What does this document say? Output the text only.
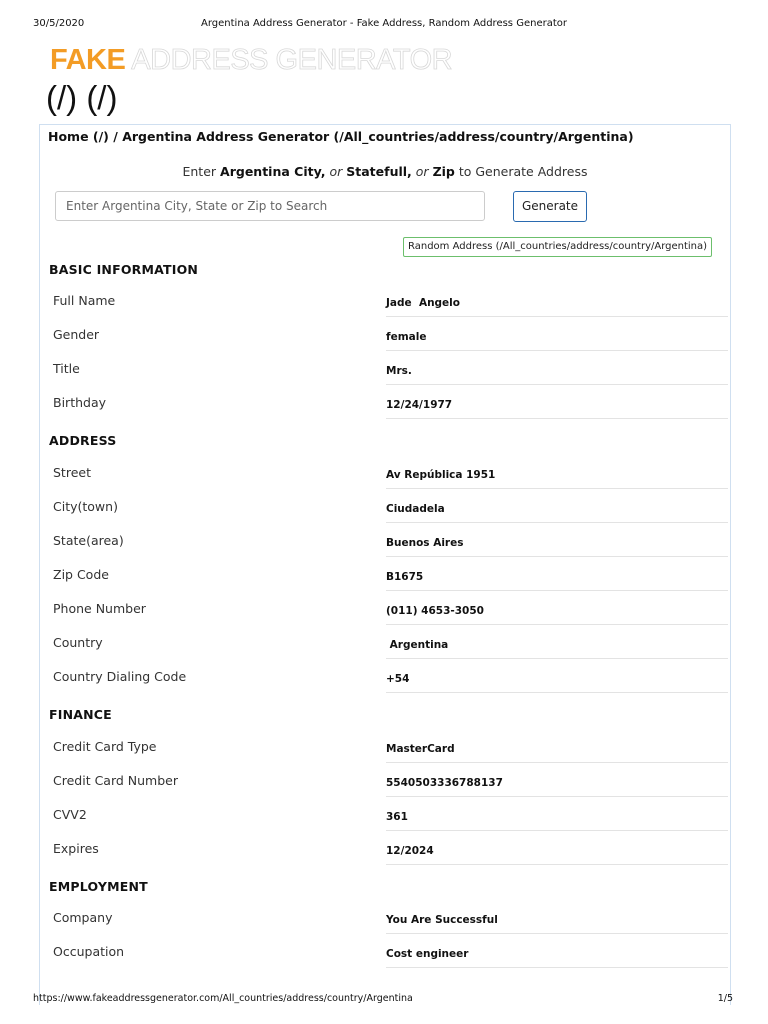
30/5/2020	Argentina Address Generator - Fake Address, Random Address Generator
FAKE ADDRESS GENERATOR
(/) (/)
Home (/) / Argentina Address Generator (/All_countries/address/country/Argentina)
Enter Argentina City, or Statefull, or Zip to Generate Address
Enter Argentina City, State or Zip to Search
Generate
Random Address (/All_countries/address/country/Argentina)
BASIC INFORMATION
Full Name	Jade  Angelo
Gender	female
Title	Mrs.
Birthday	12/24/1977
ADDRESS
Street	Av República 1951
City(town)	Ciudadela
State(area)	Buenos Aires
Zip Code	B1675
Phone Number	(011) 4653-3050
Country	Argentina
Country Dialing Code	+54
FINANCE
Credit Card Type	MasterCard
Credit Card Number	5540503336788137
CVV2	361
Expires	12/2024
EMPLOYMENT
Company	You Are Successful
Occupation	Cost engineer
https://www.fakeaddressgenerator.com/All_countries/address/country/Argentina	1/5
